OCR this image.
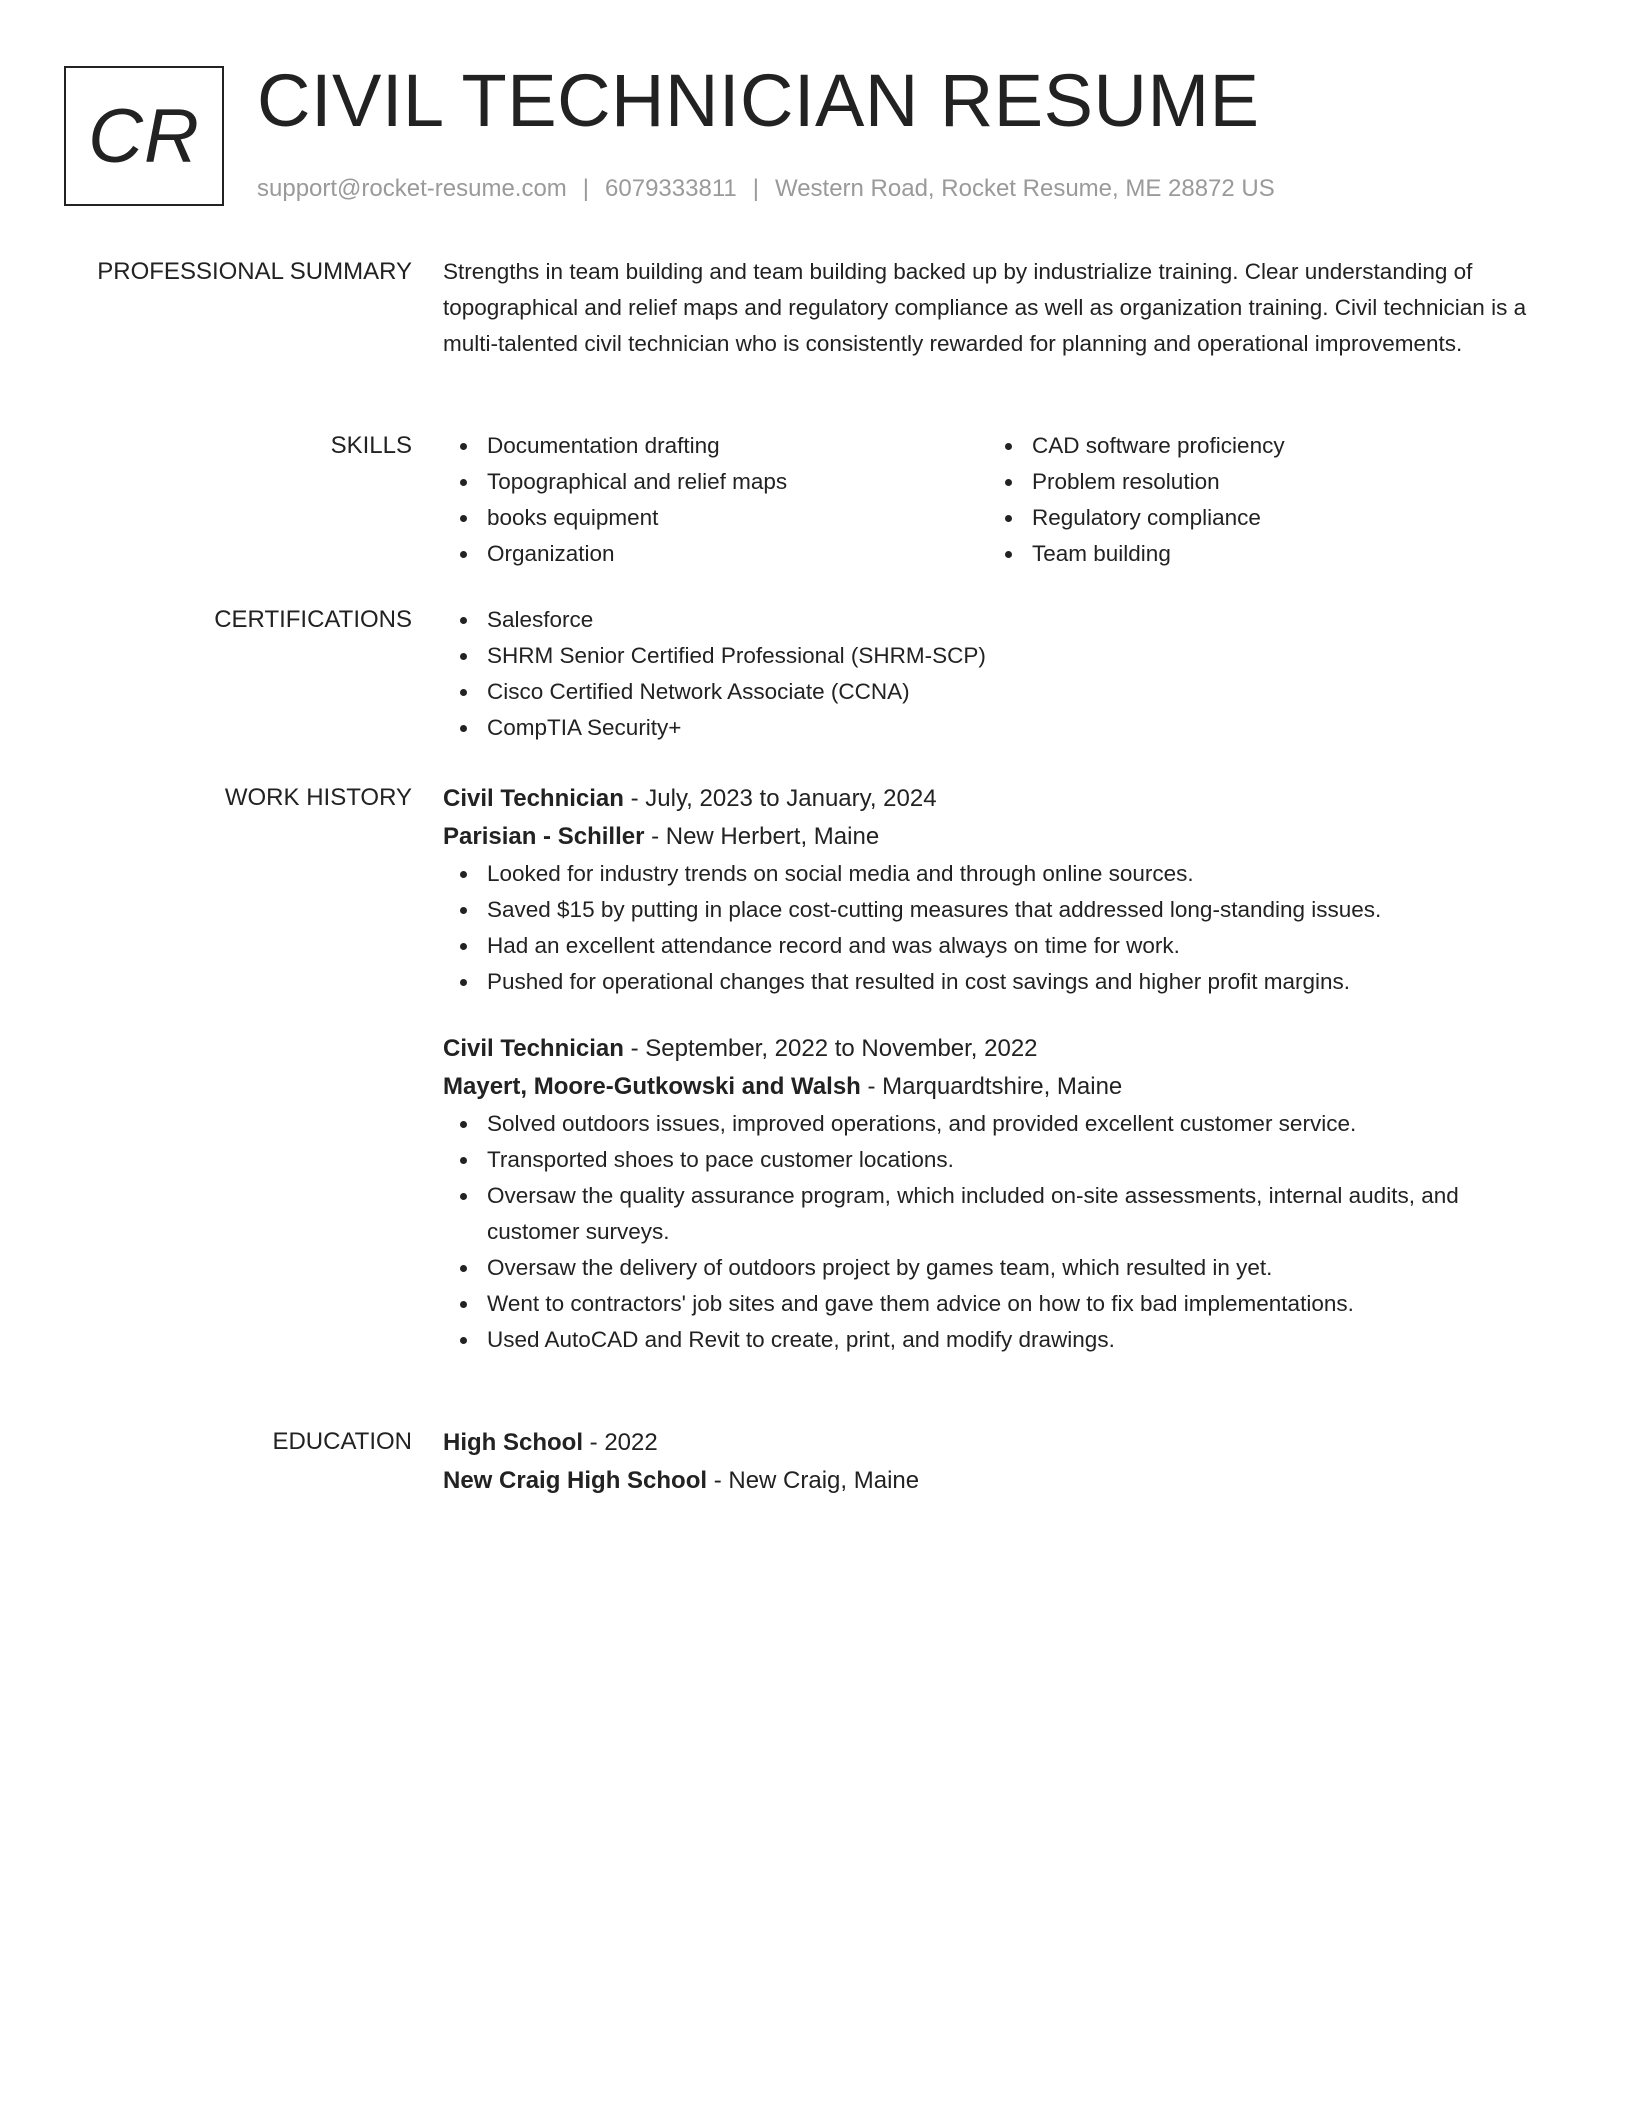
CR CIVIL TECHNICIAN RESUME
support@rocket-resume.com | 6079333811 | Western Road, Rocket Resume, ME 28872 US
PROFESSIONAL SUMMARY Strengths in team building and team building backed up by industrialize training. Clear understanding of topographical and relief maps and regulatory compliance as well as organization training. Civil technician is a multi-talented civil technician who is consistently rewarded for planning and operational improvements.

SKILLS	Documentation drafting
Topographical and relief maps
books equipment
Organization
CAD software proficiency
Problem resolution
Regulatory compliance
Team building
CERTIFICATIONS	Salesforce
SHRM Senior Certified Professional (SHRM-SCP)
Cisco Certified Network Associate (CCNA)
CompTIA Security+
WORK HISTORY Civil Technician - July, 2023 to January, 2024
Parisian - Schiller - New Herbert, Maine
Looked for industry trends on social media and through online sources.
Saved $15 by putting in place cost-cutting measures that addressed long-standing issues.
Had an excellent attendance record and was always on time for work.
Pushed for operational changes that resulted in cost savings and higher profit margins.
Civil Technician - September, 2022 to November, 2022
Mayert, Moore-Gutkowski and Walsh - Marquardtshire, Maine
Solved outdoors issues, improved operations, and provided excellent customer service.
Transported shoes to pace customer locations.
Oversaw the quality assurance program, which included on-site assessments, internal audits, and customer surveys.
Oversaw the delivery of outdoors project by games team, which resulted in yet.
Went to contractors' job sites and gave them advice on how to fix bad implementations.
Used AutoCAD and Revit to create, print, and modify drawings.
EDUCATION High School - 2022
New Craig High School - New Craig, Maine
